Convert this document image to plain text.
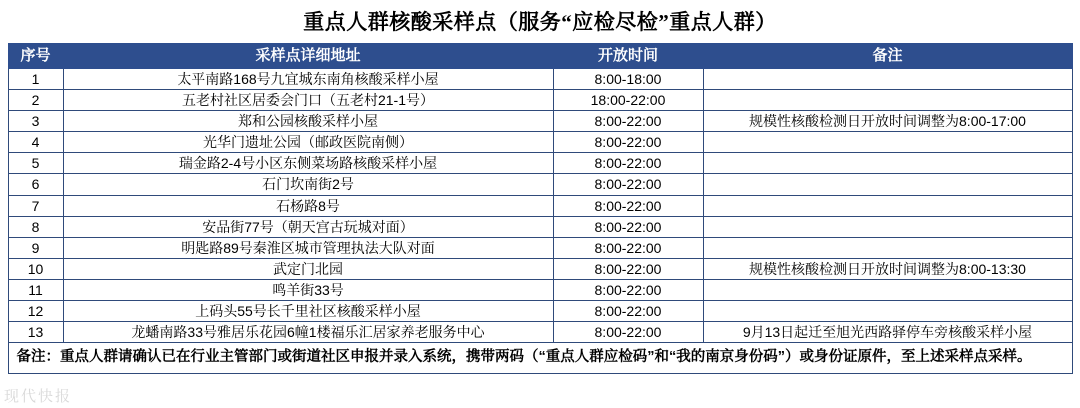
重点人群核酸采样点（服务“应检尽检”重点人群）
序号	采样点详细地址	开放时间	备注
1	太平南路168号九宜城东南角核酸采样小屋	8:00-18:00	
2	五老村社区居委会门口（五老村21-1号）	18:00-22:00	
3	郑和公园核酸采样小屋	8:00-22:00	规模性核酸检测日开放时间调整为8:00-17:00
4	光华门遗址公园（邮政医院南侧）	8:00-22:00	
5	瑞金路2-4号小区东侧菜场路核酸采样小屋	8:00-22:00	
6	石门坎南街2号	8:00-22:00	
7	石杨路8号	8:00-22:00	
8	安品街77号（朝天宫古玩城对面）	8:00-22:00	
9	明匙路89号秦淮区城市管理执法大队对面	8:00-22:00	
10	武定门北园	8:00-22:00	规模性核酸检测日开放时间调整为8:00-13:30
11	鸣羊街33号	8:00-22:00	
12	上码头55号长千里社区核酸采样小屋	8:00-22:00	
13	龙蟠南路33号雅居乐花园6幢1楼福乐汇居家养老服务中心	8:00-22:00	9月13日起迁至旭光西路驿停车旁核酸采样小屋
备注：重点人群请确认已在行业主管部门或街道社区申报并录入系统，携带两码（“重点人群应检码”和“我的南京身份码”）或身份证原件，至上述采样点采样。			
现代快报
